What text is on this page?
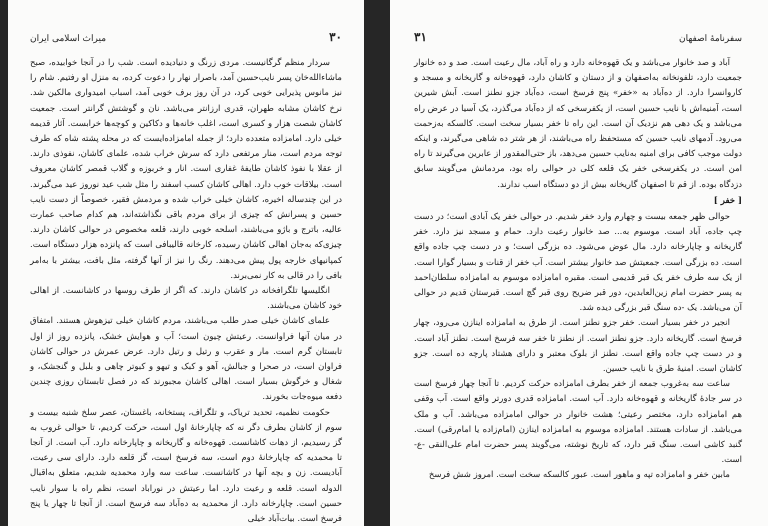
۳۰
میراث اسلامی ایران

سردار منظم گرگانیست. مردی زرنگ و دنیادیده است. شب را در آنجا خوابیده، صبح ماشاءالله‌خان پسر نایب‌حسین آمد، باصرار نهار را دعوت کرده، به منزل او رفتیم. شام را نیز مانوس پذیرایی خوبی کرد، در آن روز برف خوبی آمد، اسباب امیدواری مالکین شد. نرخ کاشان مشابه طهران، قدری ارزانتر می‌باشد. نان و گوشتش گرانتر است. جمعیت کاشان شصت هزار و کسری است، اغلب خانه‌ها و دکاکین و کوچه‌ها خرابست. آثار قدیمه خیلی دارد. امامزاده متعدده دارد؛ از جمله امامزاده‌ایست که در محله پشته شاه که طرف توجه مردم است، منار مرتفعی دارد که سرش خراب شده، علمای کاشان، نفوذی دارند. از عقلا با نفوذ کاشان طایفهٔ غفاری است. انار و خربوزه و گلاب قمصر کاشان معروف است. بیلاقات خوب دارد. اهالی کاشان کسب اسفند را مثل شب عید نوروز عید می‌گیرند. در این چندساله اخیره، کاشان خیلی خراب شده و مردمش فقیر، خصوصاً از دست نایب حسین و پسرانش که چیزی از برای مردم باقی نگذاشته‌اند، هم کدام صاحب عمارت عالیه، باترج و باژو می‌باشند، اسلحه خوبی دارند، قلعه مخصوص در حوالی کاشان دارند. چیزی‌که به‌جان اهالی کاشان رسیده، کارخانه قالیبافی است که پانزده هزار دستگاه است. کمپانیهای خارجه پول پیش می‌دهند. رنگ را نیز از آنها گرفته، مثل بافت، بیشتر با به‌امر بافی را در قالی به کار نمی‌برند.

انگلیسها تلگرافخانه در کاشان دارند. که اگر از طرف روسها در کاشانست. از اهالی خود کاشان می‌باشند.

علمای کاشان خیلی صدر طلب می‌باشند، مردم کاشان خیلی تیزهوش هستند. امتفاق در میان آنها فراوانست. رعیتش چیون است؛ آب و هوایش خشک، پانزده روز از اول تابستان گرم است. مار و عقرب و رتیل و رتیل دارد. عرض عمرش در حوالی کاشان فراوان است، در صحرا و جبالش، آهو و کبک و تیهو و کبوتر چاهی و بلبل و گنجشک، و شغال و خرگوش بسیار است. اهالی کاشان مجبورند که در فصل تابستان روزی چندین دفعه میوه‌جات بخورند.

حکومت نظمیه، تحدید تریاک، و تلگراف، پستخانه، باغستان، عصر سلخ شنبه بیست و سوم از کاشان بطرف دگر نه که چاپارخانهٔ اول است، حرکت کردیم، تا حوالی غروب به گز رسیدیم، از دهات کاشانست. قهوه‌خانه و گاریخانه و چاپارخانه دارد. آب است. از آنجا تا محمدیه که چاپارخانهٔ دوم است، سه فرسخ است، گز قلعه دارد. دارای سی رعیت، آبادیست. زن و بچه آنها در کاشانست. ساعت سه وارد محمدیه شدیم، متعلق به‌اقبال الدوله است. قلعه و رعیت دارد. اما رعیتش در نوراباد است، نظم راه با سوار نایب حسین است. چاپارخانه دارد. از محمدیه به ده‌آباد سه فرسخ است. از آنجا تا چهار یا پنج فرسخ است. بیات‌آباد خیلی

سفرنامهٔ اصفهان
۳۱

آباد و صد خانوار می‌باشد و یک قهوه‌خانه دارد و راه آباد، مال رعیت است. صد و ده خانوار جمعیت دارد، تلفونخانه به‌اصفهان و از دستان و کاشان دارد، قهوه‌خانه و گاریخانه و مسجد و کاروانسرا دارد. از ده‌آباد به «خفر» پنج فرسخ است، ده‌آباد جزو نطنز است. آبش شیرین است، آمنیه‌اش با نایب حسین است، از یکفرسخی که از ده‌آباد می‌گذرد، یک آسیا در عرض راه می‌باشد و یک دهی هم نزدیک آن است. این راه تا خفر بسیار سخت است. کالسکه به‌زحمت می‌رود. آدمهای نایب حسین که مستحفظ راه می‌باشند، از هر شتر ده شاهی می‌گیرند، و اینکه دولت موجب کافی برای امنیه به‌نایب حسین می‌دهد، باز حتی‌المقدور از عابرین می‌گیرند تا راه امن است. در یکفرسخی خفر یک قلعه کلی در حوالی راه بود، مردمانش می‌گویند سابق دزدگاه بوده. از قم تا اصفهان گاریخانه بیش از دو دستگاه اسب ندارند.

[ خفر ]

حوالی ظهر جمعه بیست و چهارم وارد خفر شدیم. در حوالی خفر یک آبادی است؛ در دست چپ جاده، آباد است. موسوم به... صد خانوار رعیت دارد. حمام و مسجد نیز دارد. خفر گاریخانه و چاپارخانه دارد. مال عوض می‌شود. ده بزرگی است؛ و در دست چپ جاده واقع است. ده بزرگی است. جمعیتش صد خانوار بیشتر است. آب خفر از قنات و بسیار گوارا است. از یک سه طرف خفر یک قبر قدیمی است. مقبره امامزاده موسوم به امامزاده سلطان‌احمد به پسر حضرت امام زین‌العابدین، دور قبر ضریح روی قبر گچ است. قبرستان قدیم در حوالی آن می‌باشد. یک -ده سنگ قبر بزرگی دیده شد.

انجیر در خفر بسیار است. خفر جزو نطنز است. از طرق به امامزاده اینازن می‌رود، چهار فرسخ است. گاریخانه دارد. جزو نطنز است. از نطنز تا خفر سه فرسخ است. نطنز آباد است. و در دست چپ جاده واقع است. نطنز از بلوک معتبر و دارای هشتاد پارچه ده است. جزو کاشان است. امنیهٔ طرق با نایب حسین.

ساعت سه به‌غروب جمعه از خفر بطرف امامزاده حرکت کردیم. تا آنجا چهار فرسخ است در سر جادهٔ گاریخانه و قهوه‌خانه دارد. آب است. امامزاده قدری دورتر واقع است. آب وقفی هم امامزاده دارد، مختصر رعیتی؛ هشت خانوار در حوالی امامزاده می‌باشد. آب و ملک می‌باشد. از سادات هستند. امامزاده موسوم به امامزاده اینازن (امام‌زاده یا امام‌رقی) است. گنبد کاشی است. سنگ قبر دارد، که تاریخ نوشته، می‌گویند پسر حضرت امام علی‌النقی -ع- است.

مابین خفر و امامزاده تپه و ماهور است. عبور کالسکه سخت است. امروز شش فرسخ
